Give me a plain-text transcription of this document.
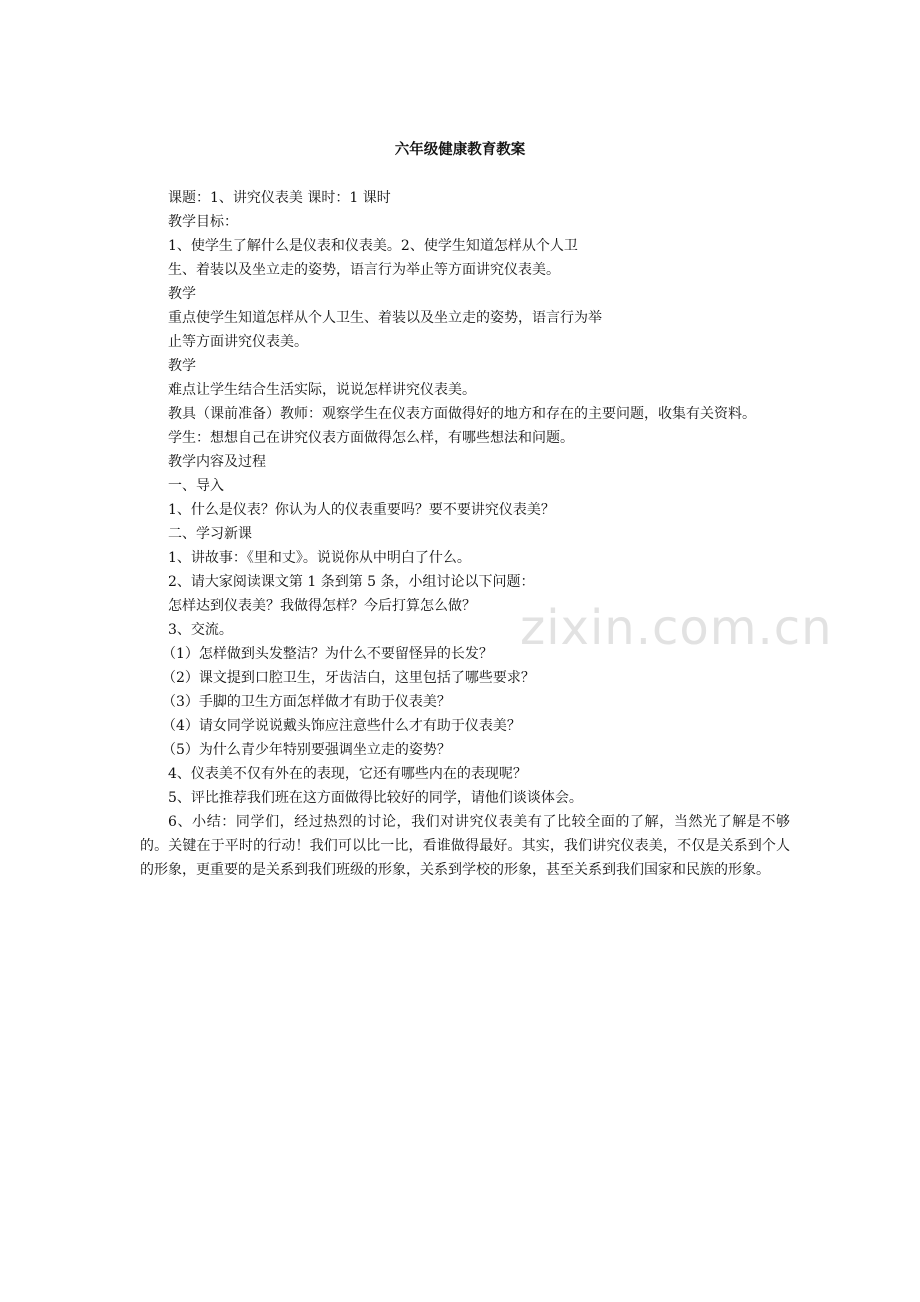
六年级健康教育教案

课题：1、讲究仪表美 课时：1 课时

教学目标：

1、使学生了解什么是仪表和仪表美。2、使学生知道怎样从个人卫

生、着装以及坐立走的姿势，语言行为举止等方面讲究仪表美。

教学

重点使学生知道怎样从个人卫生、着装以及坐立走的姿势，语言行为举

止等方面讲究仪表美。

教学

难点让学生结合生活实际，说说怎样讲究仪表美。

教具（课前准备）教师：观察学生在仪表方面做得好的地方和存在的主要问题，收集有关资料。

学生：想想自己在讲究仪表方面做得怎么样，有哪些想法和问题。

教学内容及过程

一、导入

1、什么是仪表？你认为人的仪表重要吗？要不要讲究仪表美？

二、学习新课

1、讲故事：《里和丈》。说说你从中明白了什么。

2、请大家阅读课文第 1 条到第 5 条，小组讨论以下问题：

怎样达到仪表美？我做得怎样？今后打算怎么做？

3、交流。

（1）怎样做到头发整洁？为什么不要留怪异的长发？

（2）课文提到口腔卫生，牙齿洁白，这里包括了哪些要求？

（3）手脚的卫生方面怎样做才有助于仪表美？

（4）请女同学说说戴头饰应注意些什么才有助于仪表美？

（5）为什么青少年特别要强调坐立走的姿势？

4、仪表美不仅有外在的表现，它还有哪些内在的表现呢？

5、评比推荐我们班在这方面做得比较好的同学，请他们谈谈体会。

6、小结：同学们，经过热烈的讨论，我们对讲究仪表美有了比较全面的了解，当然光了解是不够的。关键在于平时的行动！我们可以比一比，看谁做得最好。其实，我们讲究仪表美，不仅是关系到个人的形象，更重要的是关系到我们班级的形象，关系到学校的形象，甚至关系到我们国家和民族的形象。

zixin.com.cn
